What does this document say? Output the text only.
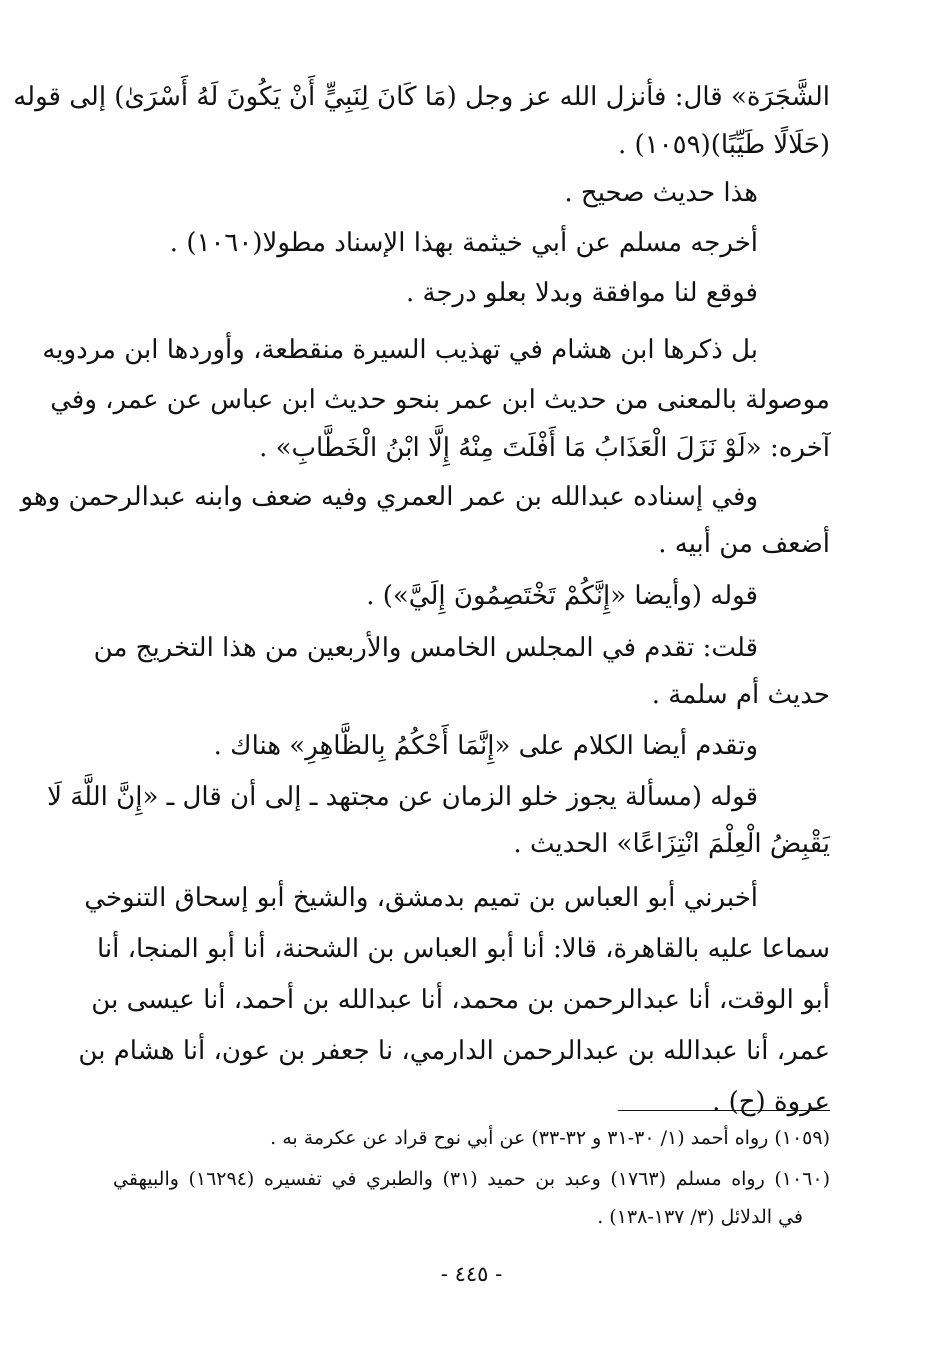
الشَّجَرَة» قال: فأنزل الله عز وجل (مَا كَانَ لِنَبِيٍّ أَنْ يَكُونَ لَهُ أَسْرَىٰ) إلى قوله
(حَلَالًا طَيِّبًا)(١٠٥٩) .
هذا حديث صحيح .
أخرجه مسلم عن أبي خيثمة بهذا الإسناد مطولا(١٠٦٠) .
فوقع لنا موافقة وبدلا بعلو درجة .
بل ذكرها ابن هشام في تهذيب السيرة منقطعة، وأوردها ابن مردويه
موصولة بالمعنى من حديث ابن عمر بنحو حديث ابن عباس عن عمر، وفي
آخره: «لَوْ نَزَلَ الْعَذَابُ مَا أَفْلَتَ مِنْهُ إِلَّا ابْنُ الْخَطَّابِ» .
وفي إسناده عبدالله بن عمر العمري وفيه ضعف وابنه عبدالرحمن وهو
أضعف من أبيه .
قوله (وأيضا «إِنَّكُمْ تَخْتَصِمُونَ إِلَيَّ») .
قلت: تقدم في المجلس الخامس والأربعين من هذا التخريج من
حديث أم سلمة .
وتقدم أيضا الكلام على «إِنَّمَا أَحْكُمُ بِالظَّاهِرِ» هناك .
قوله (مسألة يجوز خلو الزمان عن مجتهد ـ إلى أن قال ـ «إِنَّ اللَّهَ لَا
يَقْبِضُ الْعِلْمَ انْتِزَاعًا» الحديث .
أخبرني أبو العباس بن تميم بدمشق، والشيخ أبو إسحاق التنوخي
سماعا عليه بالقاهرة، قالا: أنا أبو العباس بن الشحنة، أنا أبو المنجا، أنا
أبو الوقت، أنا عبدالرحمن بن محمد، أنا عبدالله بن أحمد، أنا عيسى بن
عمر، أنا عبدالله بن عبدالرحمن الدارمي، نا جعفر بن عون، أنا هشام بن
عروة (ح) .
(١٠٥٩) رواه أحمد (١/ ٣٠-٣١ و ٣٢-٣٣) عن أبي نوح قراد عن عكرمة به .
(١٠٦٠) رواه مسلم (١٧٦٣) وعبد بن حميد (٣١) والطبري في تفسيره (١٦٢٩٤) والبيهقي
في الدلائل (٣/ ١٣٧-١٣٨) .
- ٤٤٥ -
